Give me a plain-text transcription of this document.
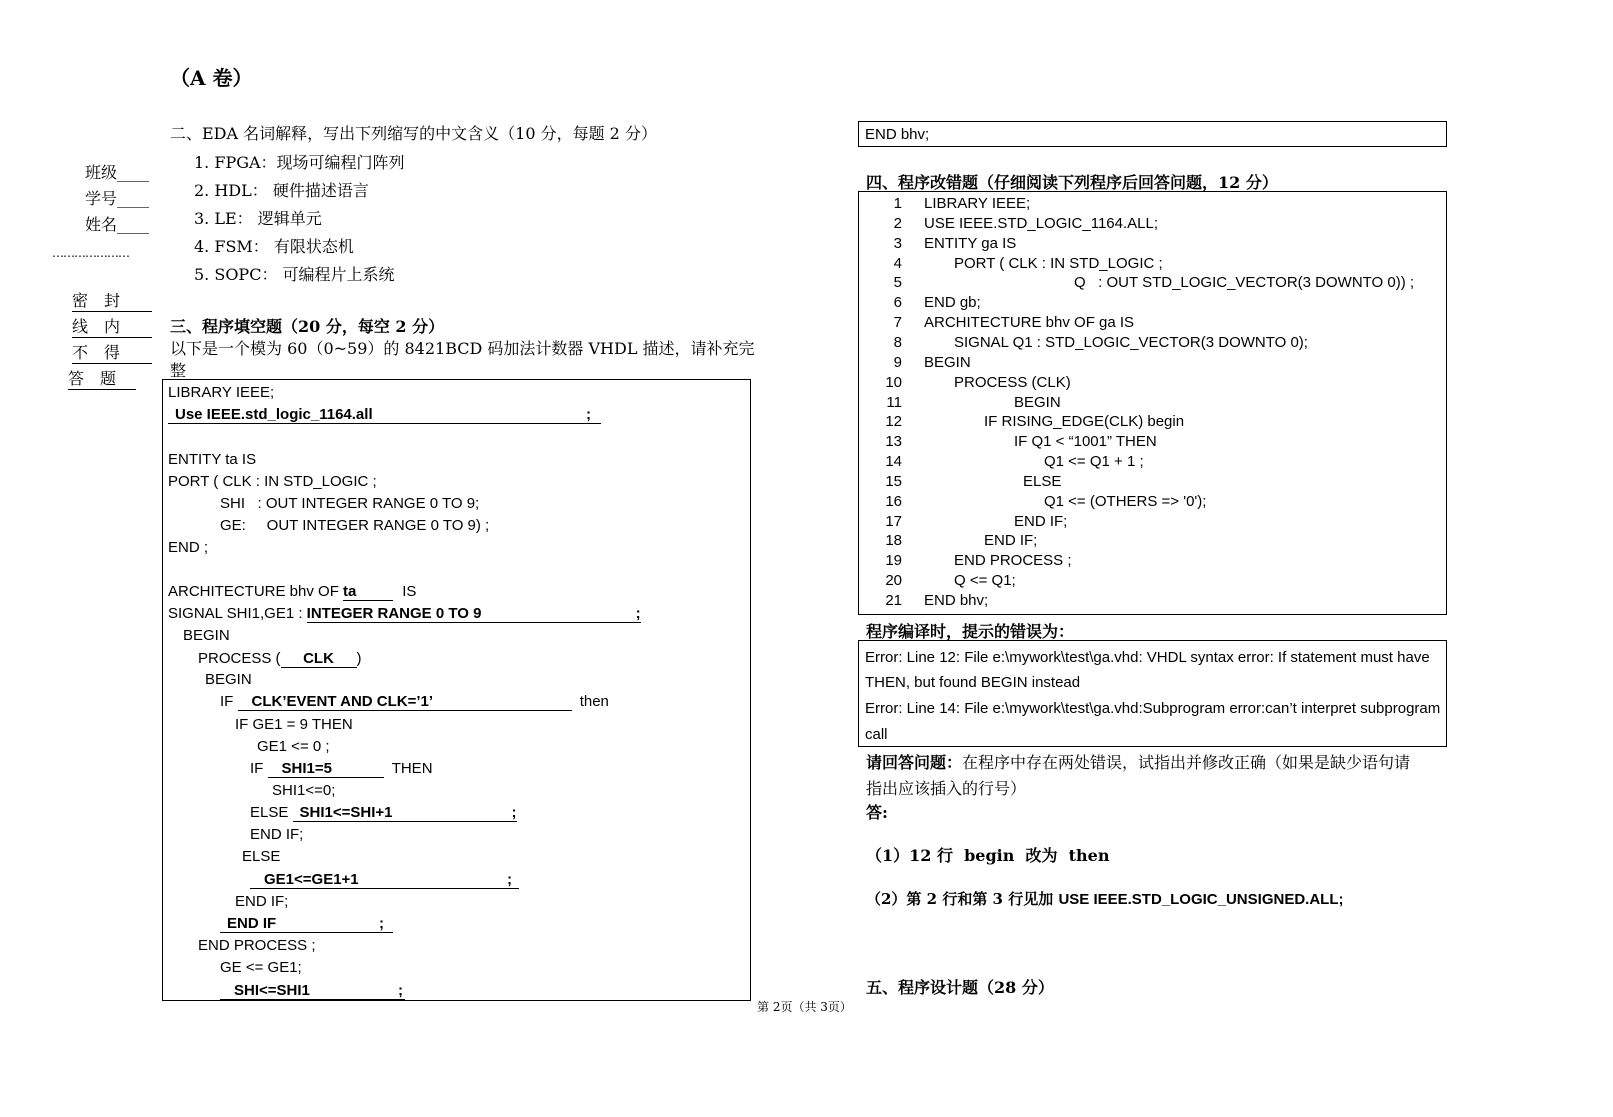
（A 卷）
班级____
学号____
姓名____
…………………
密　封
线　内
不　得
答　题
二、EDA 名词解释，写出下列缩写的中文含义（10 分，每题 2 分）
1. FPGA：现场可编程门阵列
2. HDL： 硬件描述语言
3. LE： 逻辑单元
4. FSM： 有限状态机
5. SOPC： 可编程片上系统
三、程序填空题（20 分，每空 2 分）
以下是一个模为 60（0~59）的 8421BCD 码加法计数器 VHDL 描述，请补充完
整
LIBRARY IEEE;
Use IEEE.std_logic_1164.all	;
ENTITY ta IS
PORT ( CLK : IN STD_LOGIC ;
SHI   : OUT INTEGER RANGE 0 TO 9;
GE:     OUT INTEGER RANGE 0 TO 9) ;
END ;
ARCHITECTURE bhv OF ta	IS
SIGNAL SHI1,GE1 : INTEGER RANGE 0 TO 9	;
BEGIN
PROCESS ( CLK )
BEGIN
IF CLK’EVENT AND CLK=’1’	then
IF GE1 = 9 THEN
GE1 <= 0 ;
IF SHI1=5	THEN
SHI1<=0;
ELSE SHI1<=SHI+1	;
END IF;
ELSE
GE1<=GE1+1	;
END IF;
END IF	;
END PROCESS ;
GE <= GE1;
SHI<=SHI1	;
END bhv;
四、程序改错题（仔细阅读下列程序后回答问题，12 分）
1 LIBRARY IEEE;
2 USE IEEE.STD_LOGIC_1164.ALL;
3 ENTITY ga IS
4	PORT ( CLK : IN STD_LOGIC ;
5	Q   : OUT STD_LOGIC_VECTOR(3 DOWNTO 0)) ;
6 END gb;
7 ARCHITECTURE bhv OF ga IS
8	SIGNAL Q1 : STD_LOGIC_VECTOR(3 DOWNTO 0);
9 BEGIN
10	PROCESS (CLK)
11	BEGIN
12	IF RISING_EDGE(CLK) begin
13	IF Q1 < “1001” THEN
14	Q1 <= Q1 + 1 ;
15	ELSE
16	Q1 <= (OTHERS => '0');
17	END IF;
18	END IF;
19	END PROCESS ;
20	Q <= Q1;
21 END bhv;
程序编译时，提示的错误为：
Error: Line 12: File e:\mywork\test\ga.vhd: VHDL syntax error: If statement must have
THEN, but found BEGIN instead
Error: Line 14: File e:\mywork\test\ga.vhd:Subprogram error:can’t interpret subprogram
call
请回答问题：在程序中存在两处错误，试指出并修改正确（如果是缺少语句请
指出应该插入的行号）
答:
（1）12 行  begin  改为  then
（2）第 2 行和第 3 行见加 USE IEEE.STD_LOGIC_UNSIGNED.ALL;
五、程序设计题（28 分）
第 2页（共 3页）
